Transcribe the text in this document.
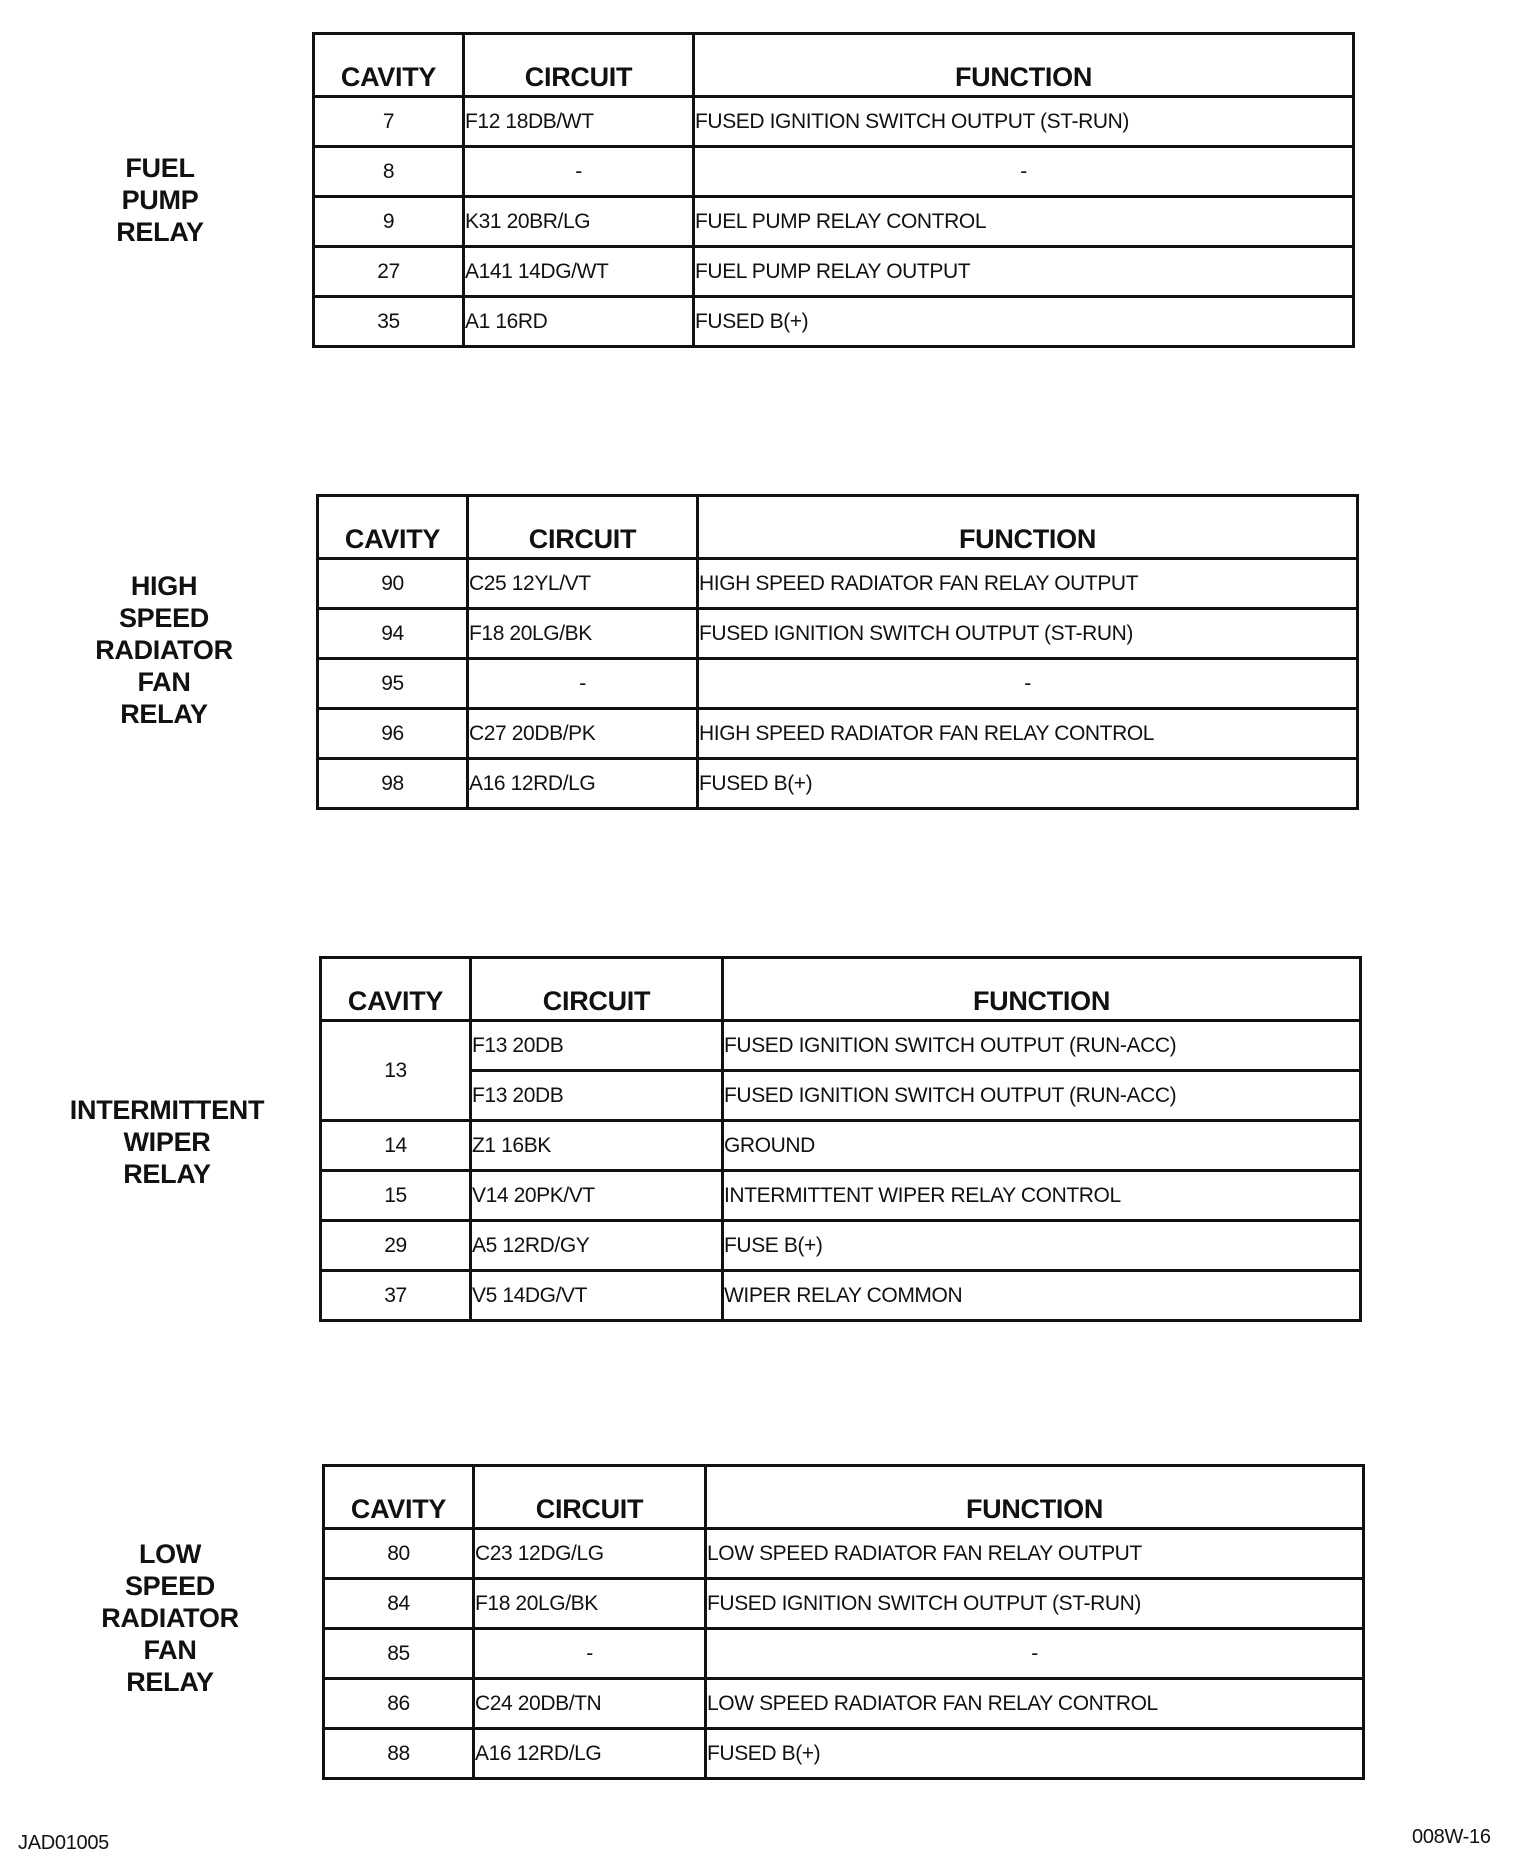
FUEL
PUMP
RELAY
CAVITY	CIRCUIT	FUNCTION
7	F12 18DB/WT	FUSED IGNITION SWITCH OUTPUT (ST-RUN)
8	-	-
9	K31 20BR/LG	FUEL PUMP RELAY CONTROL
27	A141 14DG/WT	FUEL PUMP RELAY OUTPUT
35	A1 16RD	FUSED B(+)
HIGH
SPEED
RADIATOR
FAN
RELAY
CAVITY	CIRCUIT	FUNCTION
90	C25 12YL/VT	HIGH SPEED RADIATOR FAN RELAY OUTPUT
94	F18 20LG/BK	FUSED IGNITION SWITCH OUTPUT (ST-RUN)
95	-	-
96	C27 20DB/PK	HIGH SPEED RADIATOR FAN RELAY CONTROL
98	A16 12RD/LG	FUSED B(+)
INTERMITTENT
WIPER
RELAY
CAVITY	CIRCUIT	FUNCTION
13	F13 20DB	FUSED IGNITION SWITCH OUTPUT (RUN-ACC)
	F13 20DB	FUSED IGNITION SWITCH OUTPUT (RUN-ACC)
14	Z1 16BK	GROUND
15	V14 20PK/VT	INTERMITTENT WIPER RELAY CONTROL
29	A5 12RD/GY	FUSE B(+)
37	V5 14DG/VT	WIPER RELAY COMMON
LOW
SPEED
RADIATOR
FAN
RELAY
CAVITY	CIRCUIT	FUNCTION
80	C23 12DG/LG	LOW SPEED RADIATOR FAN RELAY OUTPUT
84	F18 20LG/BK	FUSED IGNITION SWITCH OUTPUT (ST-RUN)
85	-	-
86	C24 20DB/TN	LOW SPEED RADIATOR FAN RELAY CONTROL
88	A16 12RD/LG	FUSED B(+)
JAD01005	008W-16
